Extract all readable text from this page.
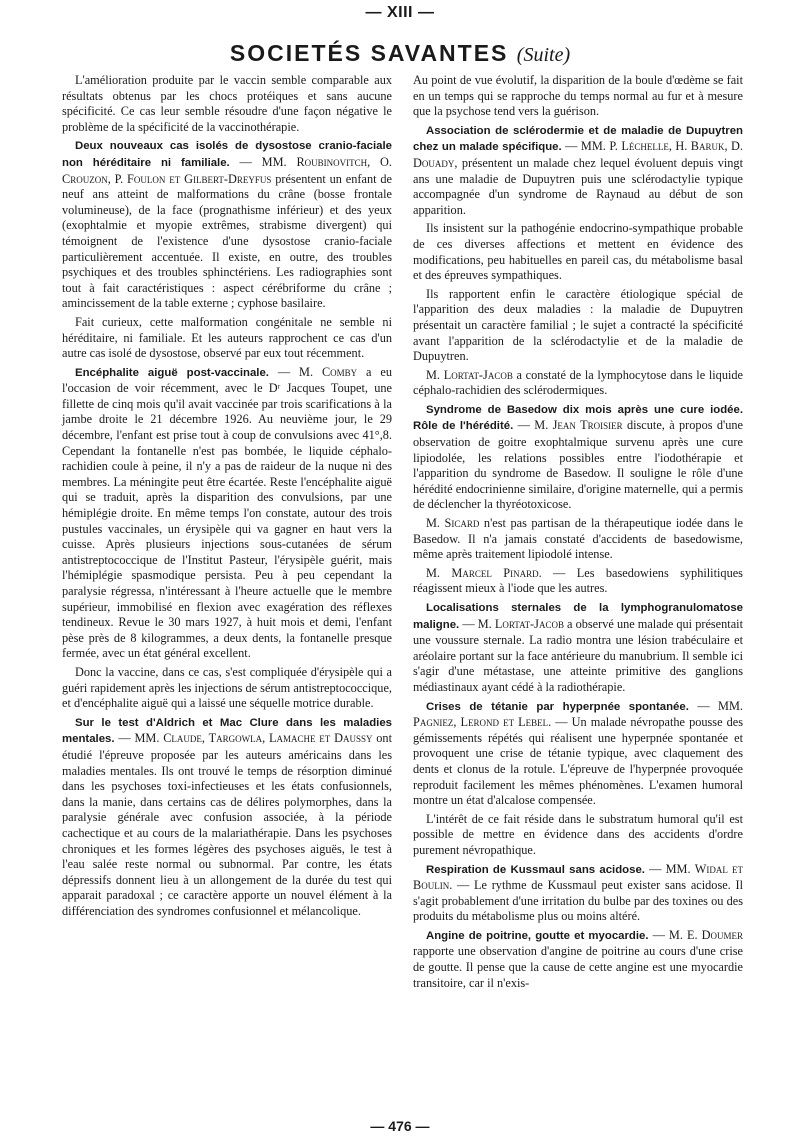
— XIII —
SOCIETÉS SAVANTES (Suite)

L'amélioration produite par le vaccin semble comparable aux résultats obtenus par les chocs protéiques et sans aucune spécificité. Ce cas leur semble résoudre d'une façon négative le problème de la spécificité de la vaccinothérapie.

Deux nouveaux cas isolés de dysostose cranio-faciale non héréditaire ni familiale. — MM. Roubinovitch, O. Crouzon, P. Foulon et Gilbert-Dreyfus présentent un enfant de neuf ans atteint de malformations du crâne (bosse frontale volumineuse), de la face (prognathisme inférieur) et des yeux (exophtalmie et myopie extrêmes, strabisme divergent) qui témoignent de l'existence d'une dysostose cranio-faciale particulièrement accentuée. Il existe, en outre, des troubles psychiques et des troubles sphinctériens. Les radiographies sont tout à fait caractéristiques : aspect cérébriforme du crâne ; amincissement de la table externe ; cyphose basilaire.

Fait curieux, cette malformation congénitale ne semble ni héréditaire, ni familiale. Et les auteurs rapprochent ce cas d'un autre cas isolé de dysostose, observé par eux tout récemment.

Encéphalite aiguë post-vaccinale. — M. Comby a eu l'occasion de voir récemment, avec le Dʳ Jacques Toupet, une fillette de cinq mois qu'il avait vaccinée par trois scarifications à la jambe droite le 21 décembre 1926. Au neuvième jour, le 29 décembre, l'enfant est prise tout à coup de convulsions avec 41°,8. Cependant la fontanelle n'est pas bombée, le liquide céphalo-rachidien coule à peine, il n'y a pas de raideur de la nuque ni des membres. La méningite peut être écartée. Reste l'encéphalite aiguë qui se traduit, après la disparition des convulsions, par une hémiplégie droite. En même temps l'on constate, autour des trois pustules vaccinales, un érysipèle qui va gagner en haut vers la cuisse. Après plusieurs injections sous-cutanées de sérum antistreptococcique de l'Institut Pasteur, l'érysipèle guérit, mais l'hémiplégie spasmodique persista. Peu à peu cependant la paralysie régressa, n'intéressant à l'heure actuelle que le membre supérieur, immobilisé en flexion avec exagération des réflexes tendineux. Revue le 30 mars 1927, à huit mois et demi, l'enfant pèse près de 8 kilogrammes, a deux dents, la fontanelle presque fermée, avec un état général excellent.

Donc la vaccine, dans ce cas, s'est compliquée d'érysipèle qui a guéri rapidement après les injections de sérum antistreptococcique, et d'encéphalite aiguë qui a laissé une séquelle motrice durable.

Sur le test d'Aldrich et Mac Clure dans les maladies mentales. — MM. Claude, Targowla, Lamache et Daussy ont étudié l'épreuve proposée par les auteurs américains dans les maladies mentales. Ils ont trouvé le temps de résorption diminué dans les psychoses toxi-infectieuses et les états confusionnels, dans la manie, dans certains cas de délires polymorphes, dans la paralysie générale avec confusion associée, à la période cachectique et au cours de la malariathérapie. Dans les psychoses chroniques et les formes légères des psychoses aiguës, le test à l'eau salée reste normal ou subnormal. Par contre, les états dépressifs donnent lieu à un allongement de la durée du test qui apparait paradoxal ; ce caractère apporte un nouvel élément à la différenciation des syndromes confusionnel et mélancolique.

Au point de vue évolutif, la disparition de la boule d'œdème se fait en un temps qui se rapproche du temps normal au fur et à mesure que la psychose tend vers la guérison.

Association de sclérodermie et de maladie de Dupuytren chez un malade spécifique. — MM. P. Léchelle, H. Baruk, D. Douady, présentent un malade chez lequel évoluent depuis vingt ans une maladie de Dupuytren puis une sclérodactylie typique accompagnée d'un syndrome de Raynaud au début de son apparition.

Ils insistent sur la pathogénie endocrino-sympathique probable de ces diverses affections et mettent en évidence des modifications, peu habituelles en pareil cas, du métabolisme basal et des épreuves sympathiques.

Ils rapportent enfin le caractère étiologique spécial de l'apparition des deux maladies : la maladie de Dupuytren présentait un caractère familial ; le sujet a contracté la spécificité avant l'apparition de la sclérodactylie et de la maladie de Dupuytren.

M. Lortat-Jacob a constaté de la lymphocytose dans le liquide céphalo-rachidien des sclérodermiques.

Syndrome de Basedow dix mois après une cure iodée. Rôle de l'hérédité. — M. Jean Troisier discute, à propos d'une observation de goitre exophtalmique survenu après une cure lipiodolée, les relations possibles entre l'iodothérapie et l'apparition du syndrome de Basedow. Il souligne le rôle d'une hérédité endocrinienne similaire, d'origine maternelle, qui a permis de déclencher la thyréotoxicose.

M. Sicard n'est pas partisan de la thérapeutique iodée dans le Basedow. Il n'a jamais constaté d'accidents de basedowisme, même après traitement lipiodolé intense.

M. Marcel Pinard. — Les basedowiens syphilitiques réagissent mieux à l'iode que les autres.

Localisations sternales de la lymphogranulomatose maligne. — M. Lortat-Jacob a observé une malade qui présentait une voussure sternale. La radio montra une lésion trabéculaire et aréolaire portant sur la face antérieure du manubrium. Il semble ici s'agir d'une métastase, une atteinte primitive des ganglions médiastinaux ayant cédé à la radiothérapie.

Crises de tétanie par hyperpnée spontanée. — MM. Pagniez, Lerond et Lebel. — Un malade névropathe pousse des gémissements répétés qui réalisent une hyperpnée spontanée et provoquent une crise de tétanie typique, avec claquement des dents et clonus de la rotule. L'épreuve de l'hyperpnée provoquée reproduit facilement les mêmes phénomènes. L'examen humoral montre un état d'alcalose compensée.

L'intérêt de ce fait réside dans le substratum humoral qu'il est possible de mettre en évidence dans des accidents d'ordre purement névropathique.

Respiration de Kussmaul sans acidose. — MM. Widal et Boulin. — Le rythme de Kussmaul peut exister sans acidose. Il s'agit probablement d'une irritation du bulbe par des toxines ou des produits du métabolisme plus ou moins altéré.

Angine de poitrine, goutte et myocardie. — M. E. Doumer rapporte une observation d'angine de poitrine au cours d'une crise de goutte. Il pense que la cause de cette angine est une myocardie transitoire, car il n'exis-

— 476 —
